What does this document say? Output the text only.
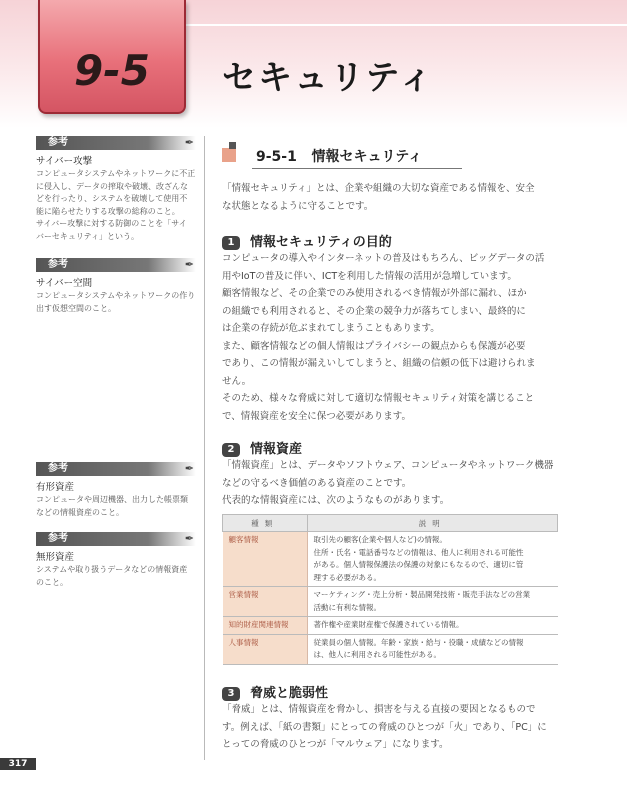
9-5	セキュリティ
参考	✒
サイバー攻撃
コンピュータシステムやネットワークに不正
に侵入し、データの搾取や破壊、改ざんな
どを行ったり、システムを破壊して使用不
能に陥らせたりする攻撃の総称のこと。
サイバー攻撃に対する防御のことを「サイ
バーセキュリティ」という。
参考	✒
サイバー空間
コンピュータシステムやネットワークの作り
出す仮想空間のこと。
参考	✒
有形資産
コンピュータや周辺機器、出力した帳票類
などの情報資産のこと。
参考	✒
無形資産
システムや取り扱うデータなどの情報資産
のこと。
9-5-1 情報セキュリティ
「情報セキュリティ」とは、企業や組織の大切な資産である情報を、安全
な状態となるように守ることです。
1 情報セキュリティの目的
コンピュータの導入やインターネットの普及はもちろん、ビッグデータの活
用やIoTの普及に伴い、ICTを利用した情報の活用が急増しています。
顧客情報など、その企業でのみ使用されるべき情報が外部に漏れ、ほか
の組織でも利用されると、その企業の競争力が落ちてしまい、最終的に
は企業の存続が危ぶまれてしまうこともあります。
また、顧客情報などの個人情報はプライバシーの観点からも保護が必要
であり、この情報が漏えいしてしまうと、組織の信頼の低下は避けられま
せん。
そのため、様々な脅威に対して適切な情報セキュリティ対策を講じること
で、情報資産を安全に保つ必要があります。
2 情報資産
「情報資産」とは、データやソフトウェア、コンピュータやネットワーク機器
などの守るべき価値のある資産のことです。
代表的な情報資産には、次のようなものがあります。
種類	説明
顧客情報	取引先の顧客(企業や個人など)の情報。
住所・氏名・電話番号などの情報は、他人に利用される可能性
がある。個人情報保護法の保護の対象にもなるので、適切に管
理する必要がある。

営業情報	マーケティング・売上分析・製品開発技術・販売手法などの営業
活動に有利な情報。

知的財産関連情報	著作権や産業財産権で保護されている情報。

人事情報	従業員の個人情報。年齢・家族・給与・役職・成績などの情報
は、他人に利用される可能性がある。
3 脅威と脆弱性
「脅威」とは、情報資産を脅かし、損害を与える直接の要因となるもので
す。例えば、「紙の書類」にとっての脅威のひとつが「火」であり、「PC」に
とっての脅威のひとつが「マルウェア」になります。
317
